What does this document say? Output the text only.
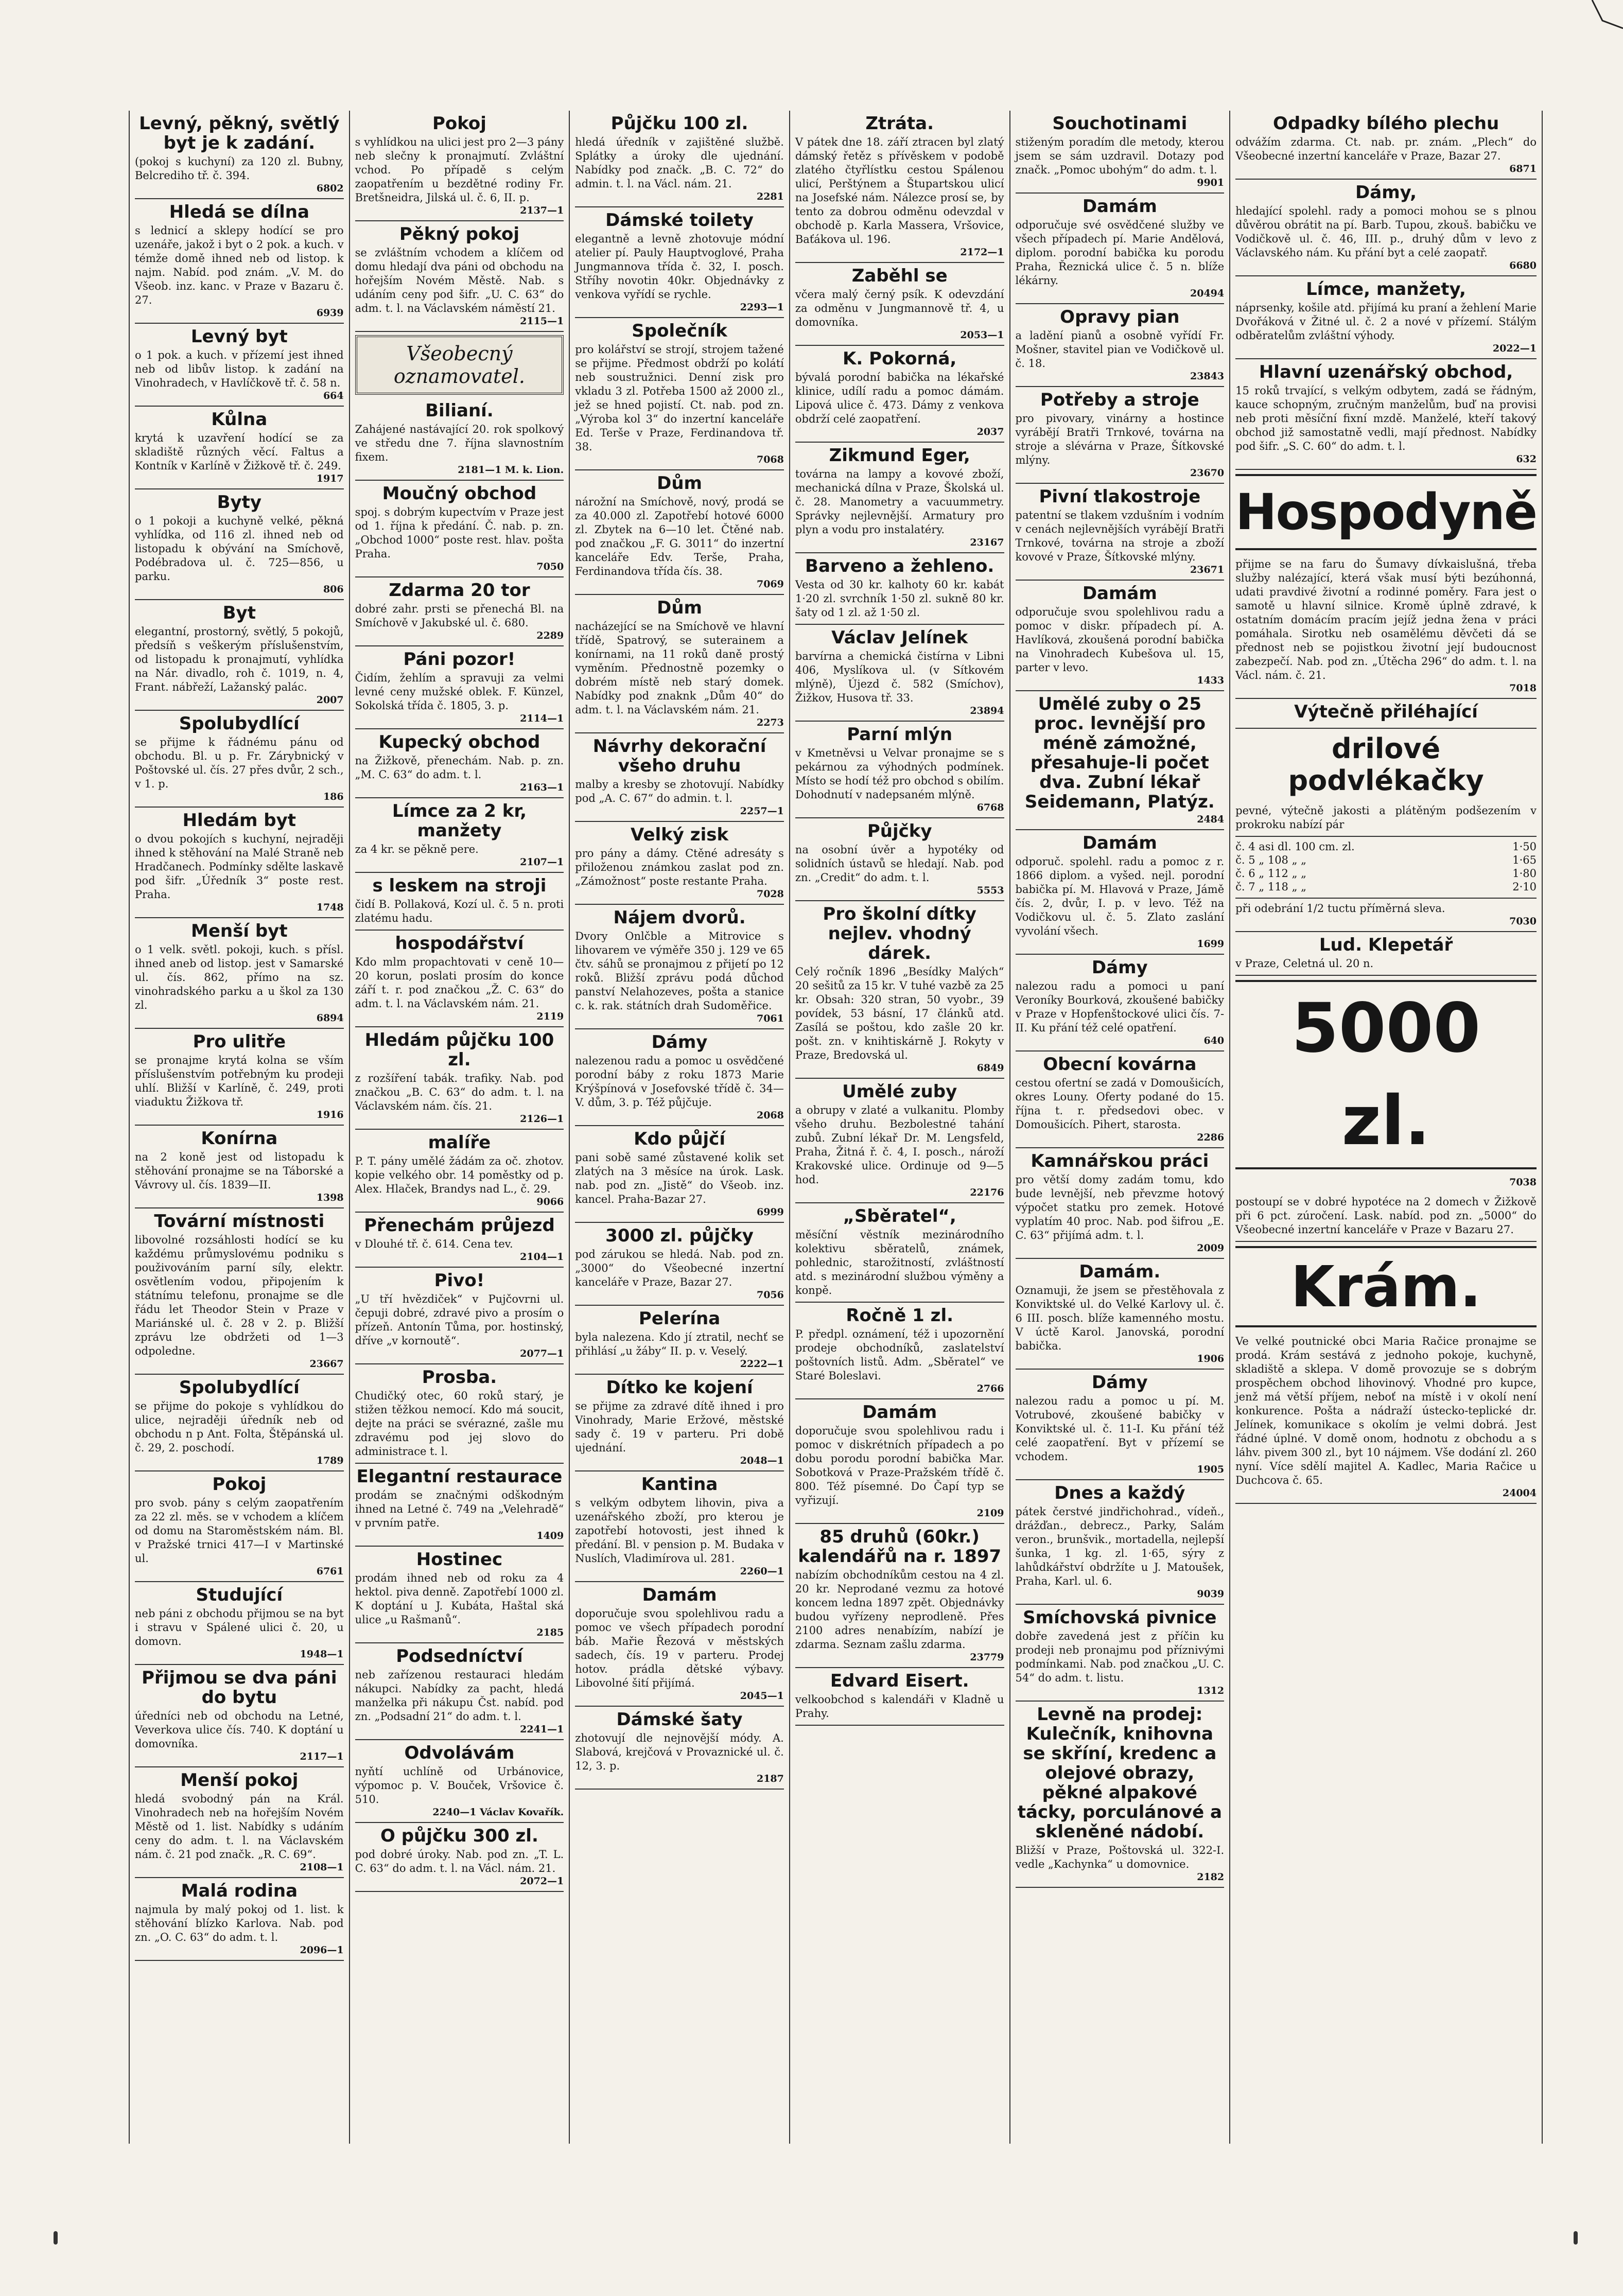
Levný, pěkný, světlý byt je k zadání.

(pokoj s kuchyní) za 120 zl. Bubny, Belcrediho tř. č. 394.

6802
Hledá se dílna

s lednicí a sklepy hodící se pro uzenáře, jakož i byt o 2 pok. a kuch. v témže domě ihned neb od listop. k najm. Nabíd. pod znám. „V. M. do Všeob. inz. kanc. v Praze v Bazaru č. 27.

6939
Levný byt

o 1 pok. a kuch. v přízemí jest ihned neb od libův listop. k zadání na Vinohradech, v Havlíčkově tř. č. 58 n.

664
Kůlna

krytá k uzavření hodící se za skladiště různých věcí. Faltus a Kontník v Karlíně v Žižkově tř. č. 249.

1917
Byty

o 1 pokoji a kuchyně velké, pěkná vyhlídka, od 116 zl. ihned neb od listopadu k obývání na Smíchově, Podébradova ul. č. 725—856, u parku.

806
Byt

elegantní, prostorný, světlý, 5 pokojů, předsíň s veškerým příslušenstvím, od listopadu k pronajmutí, vyhlídka na Nár. divadlo, roh č. 1019, n. 4, Frant. nábřeží, Lažanský palác.

2007
Spolubydlící

se přijme k řádnému pánu od obchodu. Bl. u p. Fr. Zárybnický v Poštovské ul. čís. 27 přes dvůr, 2 sch., v 1. p.

186
Hledám byt

o dvou pokojích s kuchyní, nejraději ihned k stěhování na Malé Straně neb Hradčanech. Podmínky sdělte laskavě pod šifr. „Úředník 3“ poste rest. Praha.

1748
Menší byt

o 1 velk. světl. pokoji, kuch. s přísl. ihned aneb od listop. jest v Samarské ul. čís. 862, přímo na sz. vinohradského parku a u škol za 130 zl.

6894
Pro ulitře

se pronajme krytá kolna se vším příslušenstvím potřebným ku prodeji uhlí. Bližší v Karlíně, č. 249, proti viaduktu Žižkova tř.

1916
Konírna

na 2 koně jest od listopadu k stěhování pronajme se na Táborské a Vávrovy ul. čís. 1839—II.

1398
Tovární místnosti

libovolné rozsáhlosti hodící se ku každému průmyslovému podniku s použivováním parní síly, elektr. osvětlením vodou, připojením k státnímu telefonu, pronajme se dle řádu let Theodor Stein v Praze v Mariánské ul. č. 28 v 2. p. Bližší zprávu lze obdržeti od 1—3 odpoledne.

23667
Spolubydlící

se přijme do pokoje s vyhlídkou do ulice, nejraději úředník neb od obchodu n p Ant. Folta, Štěpánská ul. č. 29, 2. poschodí.

1789
Pokoj

pro svob. pány s celým zaopatřením za 22 zl. měs. se v vchodem a klíčem od domu na Staroměstském nám. Bl. v Pražské trnici 417—I v Martinské ul.

6761
Studující

neb páni z obchodu přijmou se na byt i stravu v Spálené ulici č. 20, u domovn.

1948—1
Přijmou se dva páni do bytu

úředníci neb od obchodu na Letné, Veverkova ulice čís. 740. K doptání u domovníka.

2117—1
Menší pokoj

hledá svobodný pán na Král. Vinohradech neb na hořejším Novém Městě od 1. list. Nabídky s udáním ceny do adm. t. l. na Václavském nám. č. 21 pod značk. „R. C. 69“.

2108—1
Malá rodina

najmula by malý pokoj od 1. list. k stěhování blízko Karlova. Nab. pod zn. „O. C. 63“ do adm. t. l.

2096—1
Pokoj

s vyhlídkou na ulici jest pro 2—3 pány neb slečny k pronajmutí. Zvláštní vchod. Po případě s celým zaopatřením u bezdětné rodiny Fr. Bretšneidra, Jilská ul. č. 6, II. p.

2137—1
Pěkný pokoj

se zvláštním vchodem a klíčem od domu hledají dva páni od obchodu na hořejším Novém Městě. Nab. s udáním ceny pod šifr. „U. C. 63“ do adm. t. l. na Václavském náměstí 21.

2115—1
Všeobecný oznamovatel.
Bilianí.

Zahájené nastávající 20. rok spolkový ve středu dne 7. října slavnostním fixem.

2181—1 M. k. Lion.
Moučný obchod

spoj. s dobrým kupectvím v Praze jest od 1. října k předání. Č. nab. p. zn. „Obchod 1000“ poste rest. hlav. pošta Praha.

7050
Zdarma 20 tor

dobré zahr. prsti se přenechá Bl. na Smíchově v Jakubské ul. č. 680.

2289
Páni pozor!

Čidím, žehlím a spravuji za velmi levné ceny mužské oblek. F. Künzel, Sokolská třída č. 1805, 3. p.

2114—1
Kupecký obchod

na Žižkově, přenechám. Nab. p. zn. „M. C. 63“ do adm. t. l.

2163—1
Límce za 2 kr, manžety

za 4 kr. se pěkně pere.

2107—1
s leskem na stroji

čidí B. Pollaková, Kozí ul. č. 5 n. proti zlatému hadu.

hospodářství

Kdo mlm propachtovati v ceně 10—20 korun, poslati prosím do konce září t. r. pod značkou „Ž. C. 63“ do adm. t. l. na Václavském nám. 21.

2119
Hledám půjčku 100 zl.

z rozšíření tabák. trafiky. Nab. pod značkou „B. C. 63“ do adm. t. l. na Václavském nám. čís. 21.

2126—1
malíře

P. T. pány umělé žádám za oč. zhotov. kopie velkého obr. 14 poměstky od p. Alex. Hlaček, Brandys nad L., č. 29.

9066
Přenechám průjezd

v Dlouhé tř. č. 614. Cena tev.

2104—1
Pivo!

„U tří hvězdiček“ v Pujčovrni ul. čepuji dobré, zdravé pivo a prosím o přízeň. Antonín Tůma, por. hostinský, dříve „v kornoutě“.

2077—1
Prosba.

Chudičký otec, 60 roků starý, je stižen těžkou nemocí. Kdo má soucit, dejte na práci se svérazné, zašle mu zdravému pod jej slovo do administrace t. l.

Elegantní restaurace

prodám se značnými odškodným ihned na Letné č. 749 na „Velehradě“ v prvním patře.

1409
Hostinec

prodám ihned neb od roku za 4 hektol. piva denně. Zapotřebí 1000 zl. K doptání u J. Kubáta, Haštal ská ulice „u Rašmanů“.

2185
Podsedníctví

neb zařízenou restauraci hledám nákupci. Nabídky za pacht, hledá manželka při nákupu Čst. nabíd. pod zn. „Podsadní 21“ do adm. t. l.

2241—1
Odvolávám

nyňtí uchlíně od Urbánovice, výpomoc p. V. Bouček, Vršovice č. 510.

2240—1 Václav Kovařík.
O půjčku 300 zl.

pod dobré úroky. Nab. pod zn. „T. L. C. 63“ do adm. t. l. na Václ. nám. 21.

2072—1
Půjčku 100 zl.

hledá úředník v zajištěné službě. Splátky a úroky dle ujednání. Nabídky pod značk. „B. C. 72“ do admin. t. l. na Václ. nám. 21.

2281
Dámské toilety

elegantně a levně zhotovuje módní atelier pí. Pauly Hauptvoglové, Praha Jungmannova třída č. 32, I. posch. Stříhy novotin 40kr. Objednávky z venkova vyřídí se rychle.

2293—1
Společník

pro kolářství se strojí, strojem tažené se přijme. Předmost obdrží po kolátí neb soustružnici. Denní zisk pro vkladu 3 zl. Potřeba 1500 až 2000 zl., jež se hned pojistí. Ct. nab. pod zn. „Výroba kol 3“ do inzertní kanceláře Ed. Terše v Praze, Ferdinandova tř. 38.

7068
Dům

nárožní na Smíchově, nový, prodá se za 40.000 zl. Zapotřebí hotové 6000 zl. Zbytek na 6—10 let. Čtěné nab. pod značkou „F. G. 3011“ do inzertní kanceláře Edv. Terše, Praha, Ferdinandova třída čís. 38.

7069
Dům

nacházející se na Smíchově ve hlavní třídě, Spatrový, se suterainem a konírnami, na 11 roků daně prostý vyměním. Přednostně pozemky o dobrém místě neb starý domek. Nabídky pod znaknk „Dům 40“ do adm. t. l. na Václavském nám. 21.

2273
Návrhy dekorační všeho druhu

malby a kresby se zhotovují. Nabídky pod „A. C. 67“ do admin. t. l.

2257—1
Velký zisk

pro pány a dámy. Ctěné adresáty s přiloženou známkou zaslat pod zn. „Zámožnost“ poste restante Praha.

7028
Nájem dvorů.

Dvory Onlčble a Mitrovice s lihovarem ve výměře 350 j. 129 ve 65 čtv. sáhů se pronajmou z přijetí po 12 roků. Bližší zprávu podá důchod panství Nelahozeves, pošta a stanice c. k. rak. státních drah Sudoměřice.

7061
Dámy

nalezenou radu a pomoc u osvědčené porodní báby z roku 1873 Marie Krýšpínová v Josefovské třídě č. 34—V. dům, 3. p. Též půjčuje.

2068
Kdo půjčí

pani sobě samé zůstavené kolik set zlatých na 3 měsíce na úrok. Lask. nab. pod zn. „Jistě“ do Všeob. inz. kancel. Praha-Bazar 27.

6999
3000 zl. půjčky

pod zárukou se hledá. Nab. pod zn. „3000“ do Všeobecné inzertní kanceláře v Praze, Bazar 27.

7056
Pelerína

byla nalezena. Kdo jí ztratil, nechť se přihlásí „u žáby“ II. p. v. Veselý.

2222—1
Dítko ke kojení

se přijme za zdravé dítě ihned i pro Vinohrady, Marie Eržové, městské sady č. 19 v parteru. Pri době ujednání.

2048—1
Kantina

s velkým odbytem lihovin, piva a uzenářského zboží, pro kterou je zapotřebí hotovosti, jest ihned k předání. Bl. v pension p. M. Budaka v Nuslích, Vladimírova ul. 281.

2260—1
Damám

doporučuje svou spolehlivou radu a pomoc ve všech případech porodní báb. Mařie Řezová v městských sadech, čís. 19 v parteru. Prodej hotov. prádla dětské výbavy. Libovolné šití přijímá.

2045—1
Dámské šaty

zhotovují dle nejnovější módy. A. Slabová, krejčová v Provaznické ul. č. 12, 3. p.

2187
Ztráta.

V pátek dne 18. září ztracen byl zlatý dámský řetěz s přívěskem v podobě zlatého čtyřlístku cestou Spálenou ulicí, Perštýnem a Štupartskou ulicí na Josefské nám. Nálezce prosí se, by tento za dobrou odměnu odevzdal v obchodě p. Karla Massera, Vršovice, Baťákova ul. 196.

2172—1
Zaběhl se

včera malý černý psík. K odevzdání za odměnu v Jungmannově tř. 4, u domovníka.

2053—1
K. Pokorná,

bývalá porodní babička na lékařské klinice, udílí radu a pomoc dámám. Lipová ulice č. 473. Dámy z venkova obdrží celé zaopatření.

2037
Zikmund Eger,

továrna na lampy a kovové zboží, mechanická dílna v Praze, Školská ul. č. 28. Manometry a vacuummetry. Správky nejlevnější. Armatury pro plyn a vodu pro instalatéry.

23167
Barveno a žehleno.

Vesta od 30 kr. kalhoty 60 kr. kabát 1·20 zl. svrchník 1·50 zl. sukně 80 kr. šaty od 1 zl. až 1·50 zl.

Václav Jelínek

barvírna a chemická čistírna v Libni 406, Myslíkova ul. (v Sítkovém mlýně), Újezd č. 582 (Smíchov), Žižkov, Husova tř. 33.

23894
Parní mlýn

v Kmetněvsi u Velvar pronajme se s pekárnou za výhodných podmínek. Místo se hodí též pro obchod s obilím. Dohodnutí v nadepsaném mlýně.

6768
Půjčky

na osobní úvěr a hypotéky od solidních ústavů se hledají. Nab. pod zn. „Credit“ do adm. t. l.

5553
Pro školní dítky nejlev. vhodný dárek.

Celý ročník 1896 „Besídky Malých“ 20 sešitů za 15 kr. V tuhé vazbě za 25 kr. Obsah: 320 stran, 50 vyobr., 39 povídek, 53 básní, 17 článků atd. Zasílá se poštou, kdo zašle 20 kr. pošt. zn. v knihtiskárně J. Rokyty v Praze, Bredovská ul.

6849
Umělé zuby

a obrupy v zlaté a vulkanitu. Plomby všeho druhu. Bezbolestné tahání zubů. Zubní lékař Dr. M. Lengsfeld, Praha, Žitná ř. č. 4, I. posch., nároží Krakovské ulice. Ordinuje od 9—5 hod.

22176
„Sběratel“,

měsíční věstník mezinárodního kolektivu sběratelů, známek, pohlednic, starožitností, zvláštností atd. s mezinárodní službou výměny a konpě.

Ročně 1 zl.

P. předpl. oznámení, též i upozornění prodeje obchodníků, zaslatelství poštovních listů. Adm. „Sběratel“ ve Staré Boleslavi.

2766
Damám

doporučuje svou spolehlivou radu i pomoc v diskrétních případech a po dobu porodu porodní babička Mar. Sobotková v Praze-Pražském třídě č. 800. Též písemné. Do Čapí typ se vyřizují.

2109
85 druhů (60kr.) kalendářů na r. 1897

nabízím obchodníkům cestou na 4 zl. 20 kr. Neprodané vezmu za hotové koncem ledna 1897 zpět. Objednávky budou vyřízeny neprodleně. Přes 2100 adres nenabízím, nabízí je zdarma. Seznam zašlu zdarma.

23779
Edvard Eisert.

velkoobchod s kalendáři v Kladně u Prahy.

Souchotinami

stiženým poradím dle metody, kterou jsem se sám uzdravil. Dotazy pod značk. „Pomoc ubohým“ do adm. t. l.

9901
Damám

odporučuje své osvědčené služby ve všech případech pí. Marie Andělová, diplom. porodní babička ku porodu Praha, Řeznická ulice č. 5 n. blíže lékárny.

20494
Opravy pian

a ladění pianů a osobně vyřídí Fr. Mošner, stavitel pian ve Vodičkově ul. č. 18.

23843
Potřeby a stroje

pro pivovary, vinárny a hostince vyrábějí Bratři Trnkové, továrna na stroje a slévárna v Praze, Šítkovské mlýny.

23670
Pivní tlakostroje

patentní se tlakem vzdušním i vodním v cenách nejlevnějších vyrábějí Bratři Trnkové, továrna na stroje a zboží kovové v Praze, Šítkovské mlýny.

23671
Damám

odporučuje svou spolehlivou radu a pomoc v diskr. případech pí. A. Havlíková, zkoušená porodní babička na Vinohradech Kubešova ul. 15, parter v levo.

1433
Umělé zuby o 25 proc. levnější pro méně zámožné, přesahuje-li počet dva. Zubní lékař Seidemann, Platýz.
2484
Damám

odporuč. spolehl. radu a pomoc z r. 1866 diplom. a vyšed. nejl. porodní babička pí. M. Hlavová v Praze, Jámě čís. 2, dvůr, I. p. v levo. Též na Vodičkovu ul. č. 5. Zlato zaslání vyvolání všech.

1699
Dámy

nalezou radu a pomoci u paní Veroníky Bourková, zkoušené babičky v Praze v Hopfenštockové ulici čís. 7-II. Ku přání též celé opatření.

640
Obecní kovárna

cestou ofertní se zadá v Domoušicích, okres Louny. Oferty podané do 15. října t. r. předsedovi obec. v Domoušicích. Pihert, starosta.

2286
Kamnářskou práci

pro větší domy zadám tomu, kdo bude levnější, neb převzme hotový výpočet statku pro zemek. Hotové vyplatím 40 proc. Nab. pod šifrou „E. C. 63“ přijímá adm. t. l.

2009
Damám.

Oznamuji, že jsem se přestěhovala z Konviktské ul. do Velké Karlovy ul. č. 6 III. posch. blíže kamenného mostu. V úctě Karol. Janovská, porodní babička.

1906
Dámy

nalezou radu a pomoc u pí. M. Votrubové, zkoušené babičky v Konviktské ul. č. 11-I. Ku přání též celé zaopatření. Byt v přízemí se vchodem.

1905
Dnes a každý

pátek čerstvé jindřichohrad., vídeň., drážďan., debrecz., Parky, Salám veron., brunšvik., mortadella, nejlepší šunka, 1 kg. zl. 1·65, sýry z lahůdkářství obdržíte u J. Matoušek, Praha, Karl. ul. 6.

9039
Smíchovská pivnice

dobře zavedená jest z příčin ku prodeji neb pronajmu pod příznivými podmínkami. Nab. pod značkou „U. C. 54“ do adm. t. listu.

1312
Levně na prodej: Kulečník, knihovna se skříní, kredenc a olejové obrazy, pěkné alpakové tácky, porculánové a skleněné nádobí.

Bližší v Praze, Poštovská ul. 322-I. vedle „Kachynka“ u domovnice.

2182
Odpadky bílého plechu

odvážím zdarma. Ct. nab. pr. znám. „Plech“ do Všeobecné inzertní kanceláře v Praze, Bazar 27.

6871
Dámy,

hledající spolehl. rady a pomoci mohou se s plnou důvěrou obrátit na pí. Barb. Tupou, zkouš. babičku ve Vodičkově ul. č. 46, III. p., druhý dům v levo z Václavského nám. Ku přání byt a celé zaopatř.

6680
Límce, manžety,

náprsenky, košile atd. přijímá ku praní a žehlení Marie Dvořáková v Žitné ul. č. 2 a nové v přízemí. Stálým odběratelům zvláštní výhody.

2022—1
Hlavní uzenářský obchod,

15 roků trvající, s velkým odbytem, zadá se řádným, kauce schopným, zručným manželům, buď na provisi neb proti měsíční fixní mzdě. Manželé, kteří takový obchod již samostatně vedli, mají přednost. Nabídky pod šifr. „S. C. 60“ do adm. t. l.

632
Hospodyně

přijme se na faru do Šumavy dívkaislušná, třeba služby nalézající, která však musí býti bezúhonná, udati pravdivé životní a rodinné poměry. Fara jest o samotě u hlavní silnice. Kromě úplně zdravé, k ostatním domácím pracím jejíž jedna žena v práci pomáhala. Sirotku neb osamělému děvčeti dá se přednost neb se pojistkou životní její budoucnost zabezpečí. Nab. pod zn. „Útěcha 296“ do adm. t. l. na Václ. nám. č. 21.

7018
Výtečně přiléhající
drilové podvlékačky

pevné, výtečně jakosti a plátěným podšezením v prokroku nabízí pár

č. 4 asi dl. 100 cm. zl.	1·50
č. 5 „ 108 „ „	1·65
č. 6 „ 112 „ „	1·80
č. 7 „ 118 „ „	2·10

při odebrání 1/2 tuctu příměrná sleva.

7030
Lud. Klepetář

v Praze, Celetná ul. 20 n.

5000 zl.
7038

postoupí se v dobré hypotéce na 2 domech v Žižkově při 6 pct. zúročení. Lask. nabíd. pod zn. „5000“ do Všeobecné inzertní kanceláře v Praze v Bazaru 27.

Krám.

Ve velké poutnické obci Maria Račice pronajme se prodá. Krám sestává z jednoho pokoje, kuchyně, skladiště a sklepa. V domě provozuje se s dobrým prospěchem obchod lihovinový. Vhodné pro kupce, jenž má větší příjem, neboť na místě i v okolí není konkurence. Pošta a nádraží ústecko-teplické dr. Jelínek, komunikace s okolím je velmi dobrá. Jest řádné úplné. V domě onom, hodnotu z obchodu a s láhv. pivem 300 zl., byt 10 nájmem. Vše dodání zl. 260 nyní. Více sdělí majitel A. Kadlec, Maria Račice u Duchcova č. 65.

24004
